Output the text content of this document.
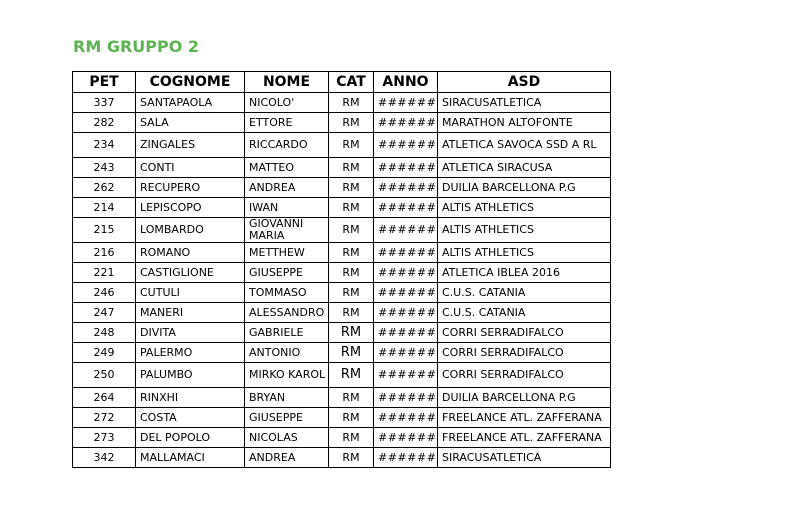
RM GRUPPO 2
PET	COGNOME	NOME	CAT	ANNO	ASD
337	SANTAPAOLA	NICOLO'	RM	######	SIRACUSATLETICA
282	SALA	ETTORE	RM	######	MARATHON ALTOFONTE
234	ZINGALES	RICCARDO	RM	######	ATLETICA SAVOCA SSD A RL
243	CONTI	MATTEO	RM	######	ATLETICA SIRACUSA
262	RECUPERO	ANDREA	RM	######	DUILIA BARCELLONA P.G
214	LEPISCOPO	IWAN	RM	######	ALTIS ATHLETICS
215	LOMBARDO	GIOVANNI MARIA	RM	######	ALTIS ATHLETICS
216	ROMANO	METTHEW	RM	######	ALTIS ATHLETICS
221	CASTIGLIONE	GIUSEPPE	RM	######	ATLETICA IBLEA 2016
246	CUTULI	TOMMASO	RM	######	C.U.S. CATANIA
247	MANERI	ALESSANDRO	RM	######	C.U.S. CATANIA
248	DIVITA	GABRIELE	RM	######	CORRI SERRADIFALCO
249	PALERMO	ANTONIO	RM	######	CORRI SERRADIFALCO
250	PALUMBO	MIRKO KAROL	RM	######	CORRI SERRADIFALCO
264	RINXHI	BRYAN	RM	######	DUILIA BARCELLONA P.G
272	COSTA	GIUSEPPE	RM	######	FREELANCE ATL. ZAFFERANA
273	DEL POPOLO	NICOLAS	RM	######	FREELANCE ATL. ZAFFERANA
342	MALLAMACI	ANDREA	RM	######	SIRACUSATLETICA
